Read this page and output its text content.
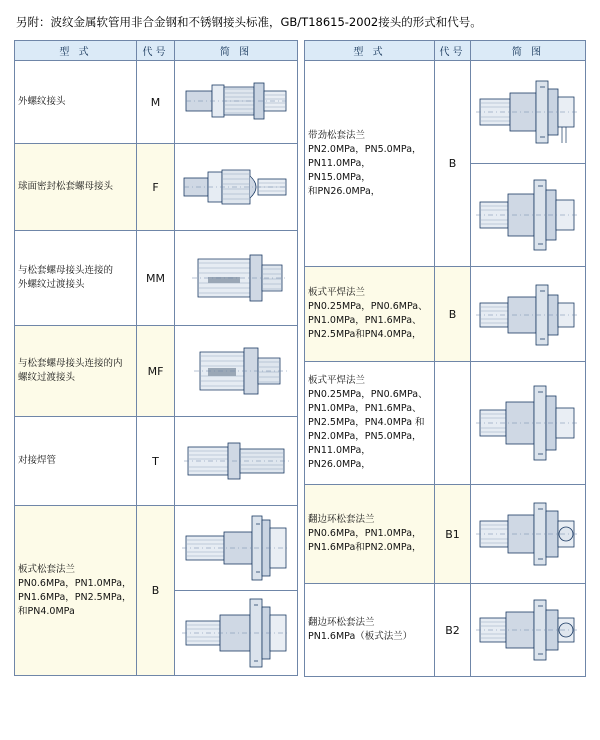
另附：波纹金属软管用非合金钢和不锈钢接头标准，GB/T18615-2002接头的形式和代号。
型 式	代号	简 图

外螺纹接头	M	

球面密封松套螺母接头	F	

与松套螺母接头连接的
外螺纹过渡接头	MM	

与松套螺母接头连接的内
螺纹过渡接头	MF	

对接焊管	T	

板式松套法兰
PN0.6MPa，PN1.0MPa，
PN1.6MPa，PN2.5MPa，
和PN4.0MPa	B	
型 式	代号	简 图

带劲松套法兰
PN2.0MPa，PN5.0MPa，
PN11.0MPa，PN15.0MPa，
和PN26.0MPa，	B	

板式平焊法兰
PN0.25MPa，PN0.6MPa、
PN1.0MPa，PN1.6MPa、
PN2.5MPa和PN4.0MPa，	B	

板式平焊法兰
PN0.25MPa，PN0.6MPa、
PN1.0MPa，PN1.6MPa、
PN2.5MPa，PN4.0MPa 和
PN2.0MPa，PN5.0MPa，
PN11.0MPa，PN26.0MPa，

翻边环松套法兰
PN0.6MPa，PN1.0MPa，
PN1.6MPa和PN2.0MPa，	B1	

翻边环松套法兰
PN1.6MPa（板式法兰）	B2	
